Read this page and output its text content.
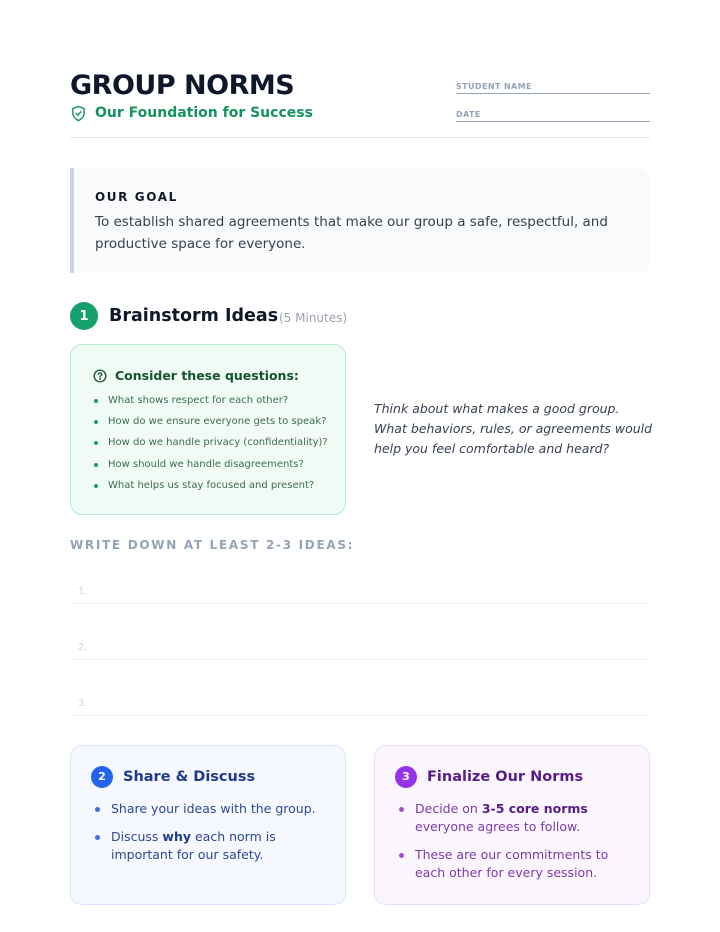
GROUP NORMS
Our Foundation for Success
STUDENT NAME
DATE
OUR GOAL
To establish shared agreements that make our group a safe, respectful, and productive space for everyone.
1	Brainstorm Ideas (5 Minutes)
Consider these questions:
What shows respect for each other?
How do we ensure everyone gets to speak?
How do we handle privacy (confidentiality)?
How should we handle disagreements?
What helps us stay focused and present?
Think about what makes a good group. What behaviors, rules, or agreements would help you feel comfortable and heard?
WRITE DOWN AT LEAST 2-3 IDEAS:
1.
2.
3.
2	Share & Discuss
Share your ideas with the group.
Discuss why each norm is important for our safety.
3	Finalize Our Norms
Decide on 3-5 core norms everyone agrees to follow.
These are our commitments to each other for every session.
